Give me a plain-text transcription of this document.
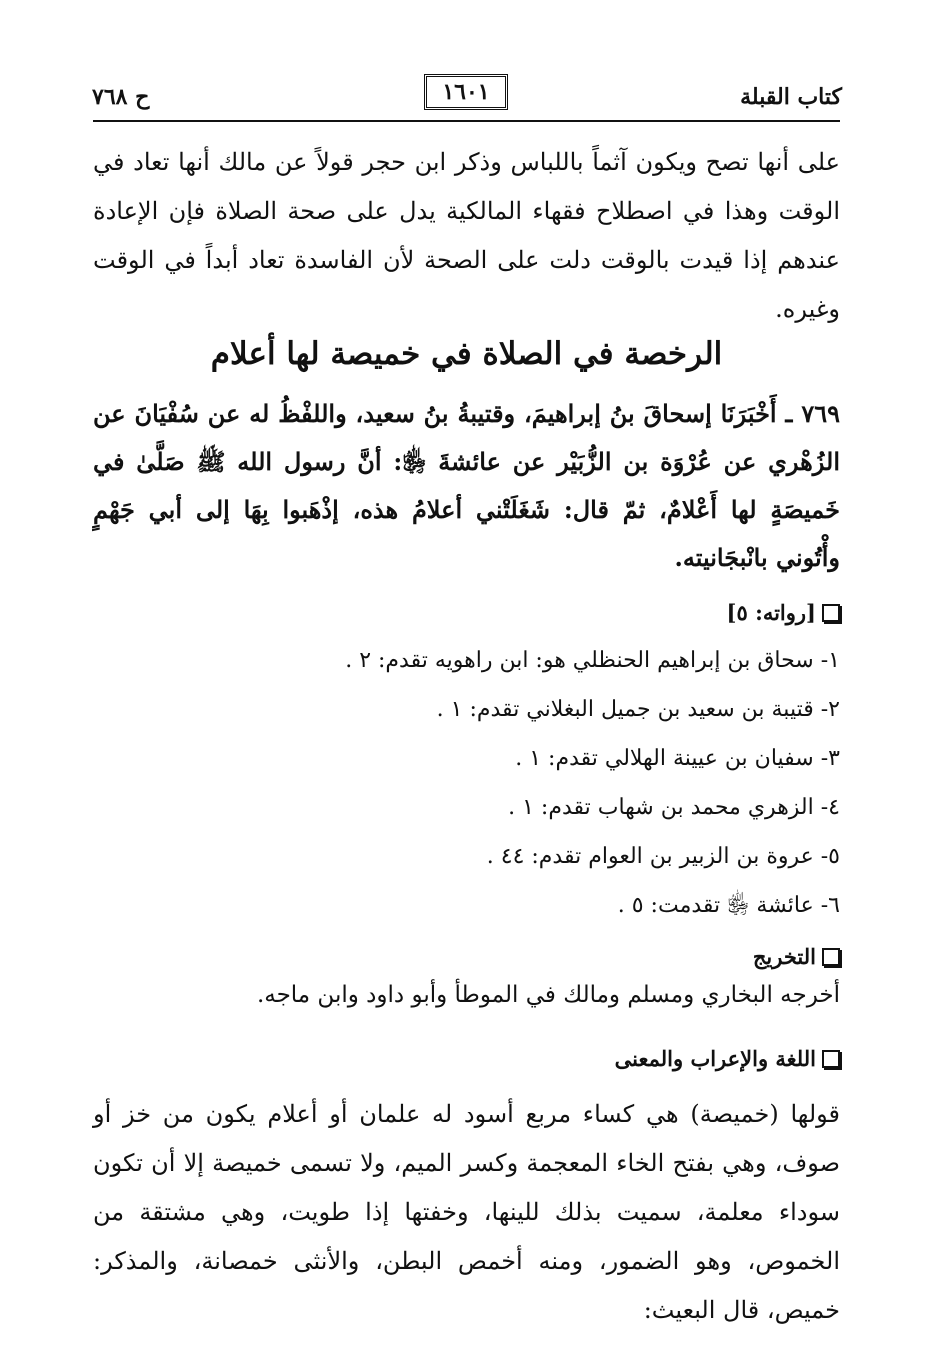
ح ٧٦٨	١٦٠١	كتاب القبلة
على أنها تصح ويكون آثماً باللباس وذكر ابن حجر قولاً عن مالك أنها تعاد في الوقت وهذا في اصطلاح فقهاء المالكية يدل على صحة الصلاة فإن الإعادة عندهم إذا قيدت بالوقت دلت على الصحة لأن الفاسدة تعاد أبداً في الوقت وغيره.
الرخصة في الصلاة في خميصة لها أعلام
٧٦٩ ـ أَخْبَرَنَا إسحاقَ بنُ إبراهيمَ، وقتيبةُ بنُ سعيد، واللفْظُ له عن سُفْيَانَ عن الزُهْري عن عُرْوَة بن الزُّبَيْر عن عائشةَ ﵂: أنَّ رسول الله ﷺ صَلَّىٰ في خَميصَةٍ لها أَعْلامٌ، ثمّ قال: شَغَلَتْني أعلامُ هذه، إذْهَبوا بِهَا إلى أبي جَهْمٍ وأْتُوني بانْبجَانيته.
[رواته: ٥]
١- سحاق بن إبراهيم الحنظلي هو: ابن راهويه تقدم: ٢ .
٢- قتيبة بن سعيد بن جميل البغلاني تقدم: ١ .
٣- سفيان بن عيينة الهلالي تقدم: ١ .
٤- الزهري محمد بن شهاب تقدم: ١ .
٥- عروة بن الزبير بن العوام تقدم: ٤٤ .
٦- عائشة ﵂ تقدمت: ٥ .
التخريج
أخرجه البخاري ومسلم ومالك في الموطأ وأبو داود وابن ماجه.
اللغة والإعراب والمعنى
قولها (خميصة) هي كساء مربع أسود له علمان أو أعلام يكون من خز أو صوف، وهي بفتح الخاء المعجمة وكسر الميم، ولا تسمى خميصة إلا أن تكون سوداء معلمة، سميت بذلك للينها، وخفتها إذا طويت، وهي مشتقة من الخموص، وهو الضمور، ومنه أخمص البطن، والأنثى خمصانة، والمذكر: خميص، قال البعيث:
